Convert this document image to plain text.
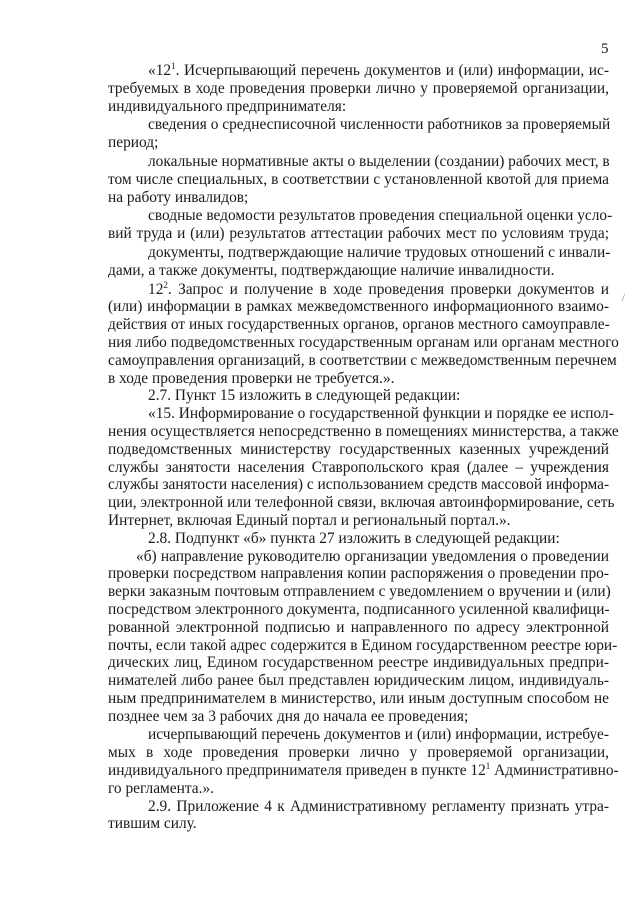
5
/
«$12^1$. Исчерпывающий перечень документов и (или) информации, ис-
требуемых в ходе проведения проверки лично у проверяемой организации,
индивидуального предпринимателя:
сведения о среднесписочной численности работников за проверяемый
период;
локальные нормативные акты о выделении (создании) рабочих мест, в
том числе специальных, в соответствии с установленной квотой для приема
на работу инвалидов;
сводные ведомости результатов проведения специальной оценки усло-
вий труда и (или) результатов аттестации рабочих мест по условиям труда;
документы, подтверждающие наличие трудовых отношений с инвали-
дами, а также документы, подтверждающие наличие инвалидности.
$12^2$. Запрос и получение в ходе проведения проверки документов и
(или) информации в рамках межведомственного информационного взаимо-
действия от иных государственных органов, органов местного самоуправле-
ния либо подведомственных государственным органам или органам местного
самоуправления организаций, в соответствии с межведомственным перечнем
в ходе проведения проверки не требуется.».
2.7. Пункт 15 изложить в следующей редакции:
«15. Информирование о государственной функции и порядке ее испол-
нения осуществляется непосредственно в помещениях министерства, а также
подведомственных министерству государственных казенных учреждений
службы занятости населения Ставропольского края (далее – учреждения
службы занятости населения) с использованием средств массовой информа-
ции, электронной или телефонной связи, включая автоинформирование, сеть
Интернет, включая Единый портал и региональный портал.».
2.8. Подпункт «б» пункта 27 изложить в следующей редакции:
«б) направление руководителю организации уведомления о проведении
проверки посредством направления копии распоряжения о проведении про-
верки заказным почтовым отправлением с уведомлением о вручении и (или)
посредством электронного документа, подписанного усиленной квалифици-
рованной электронной подписью и направленного по адресу электронной
почты, если такой адрес содержится в Едином государственном реестре юри-
дических лиц, Едином государственном реестре индивидуальных предпри-
нимателей либо ранее был представлен юридическим лицом, индивидуаль-
ным предпринимателем в министерство, или иным доступным способом не
позднее чем за 3 рабочих дня до начала ее проведения;
исчерпывающий перечень документов и (или) информации, истребуе-
мых в ходе проведения проверки лично у проверяемой организации,
индивидуального предпринимателя приведен в пункте $12^1$ Административно-
го регламента.».
2.9. Приложение 4 к Административному регламенту признать утра-
тившим силу.
